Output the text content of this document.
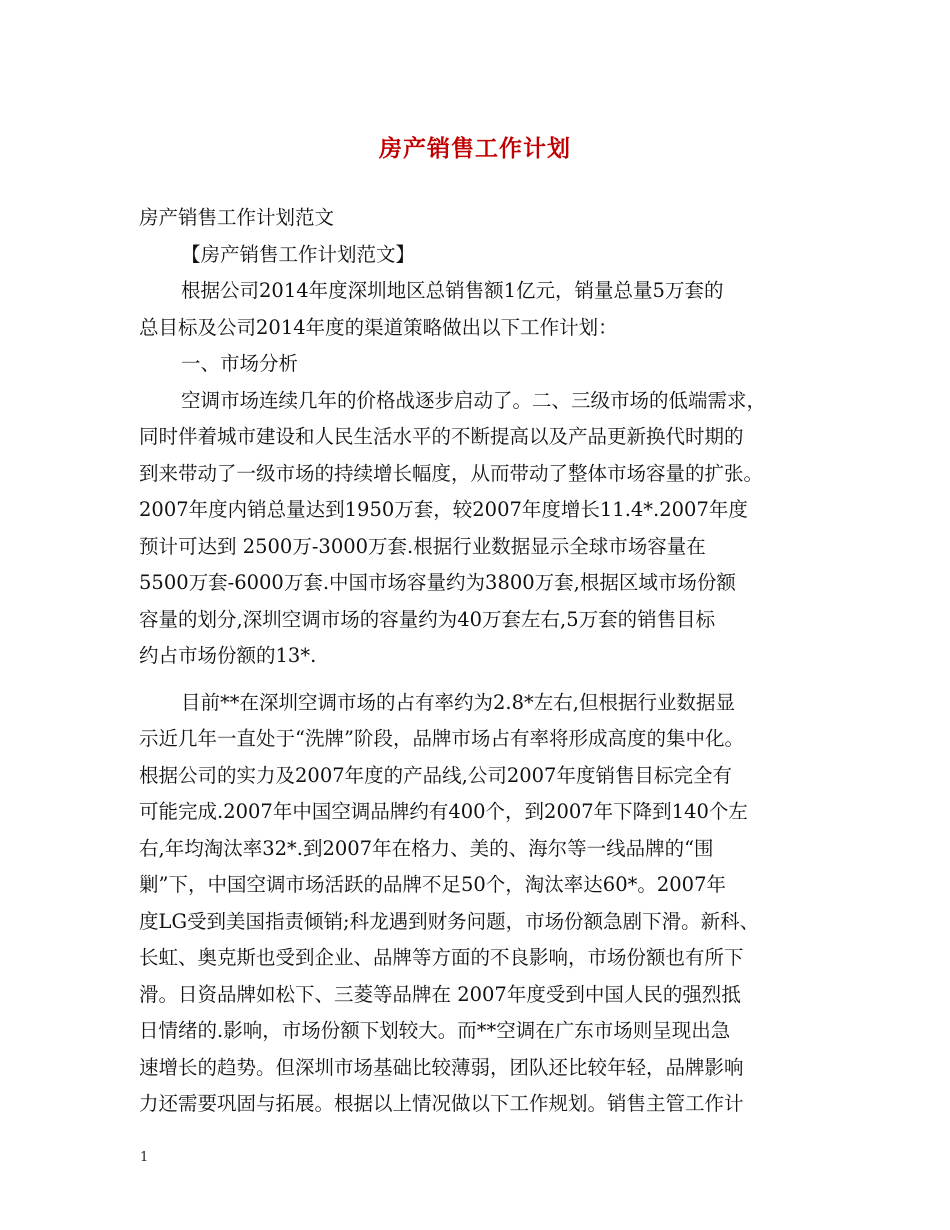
房产销售工作计划

房产销售工作计划范文

【房产销售工作计划范文】

根据公司2014年度深圳地区总销售额1亿元，销量总量5万套的

总目标及公司2014年度的渠道策略做出以下工作计划：

一、市场分析

空调市场连续几年的价格战逐步启动了。二、三级市场的低端需求，

同时伴着城市建设和人民生活水平的不断提高以及产品更新换代时期的

到来带动了一级市场的持续增长幅度，从而带动了整体市场容量的扩张。

2007年度内销总量达到1950万套，较2007年度增长11.4*.2007年度

预计可达到 2500万-3000万套.根据行业数据显示全球市场容量在

5500万套-6000万套.中国市场容量约为3800万套,根据区域市场份额

容量的划分,深圳空调市场的容量约为40万套左右,5万套的销售目标

约占市场份额的13*.

目前**在深圳空调市场的占有率约为2.8*左右,但根据行业数据显

示近几年一直处于“洗牌”阶段，品牌市场占有率将形成高度的集中化。

根据公司的实力及2007年度的产品线,公司2007年度销售目标完全有

可能完成.2007年中国空调品牌约有400个，到2007年下降到140个左

右,年均淘汰率32*.到2007年在格力、美的、海尔等一线品牌的“围

剿”下，中国空调市场活跃的品牌不足50个，淘汰率达60*。2007年

度LG受到美国指责倾销;科龙遇到财务问题，市场份额急剧下滑。新科、

长虹、奥克斯也受到企业、品牌等方面的不良影响，市场份额也有所下

滑。日资品牌如松下、三菱等品牌在 2007年度受到中国人民的强烈抵

日情绪的.影响，市场份额下划较大。而**空调在广东市场则呈现出急

速增长的趋势。但深圳市场基础比较薄弱，团队还比较年轻，品牌影响

力还需要巩固与拓展。根据以上情况做以下工作规划。销售主管工作计

1
